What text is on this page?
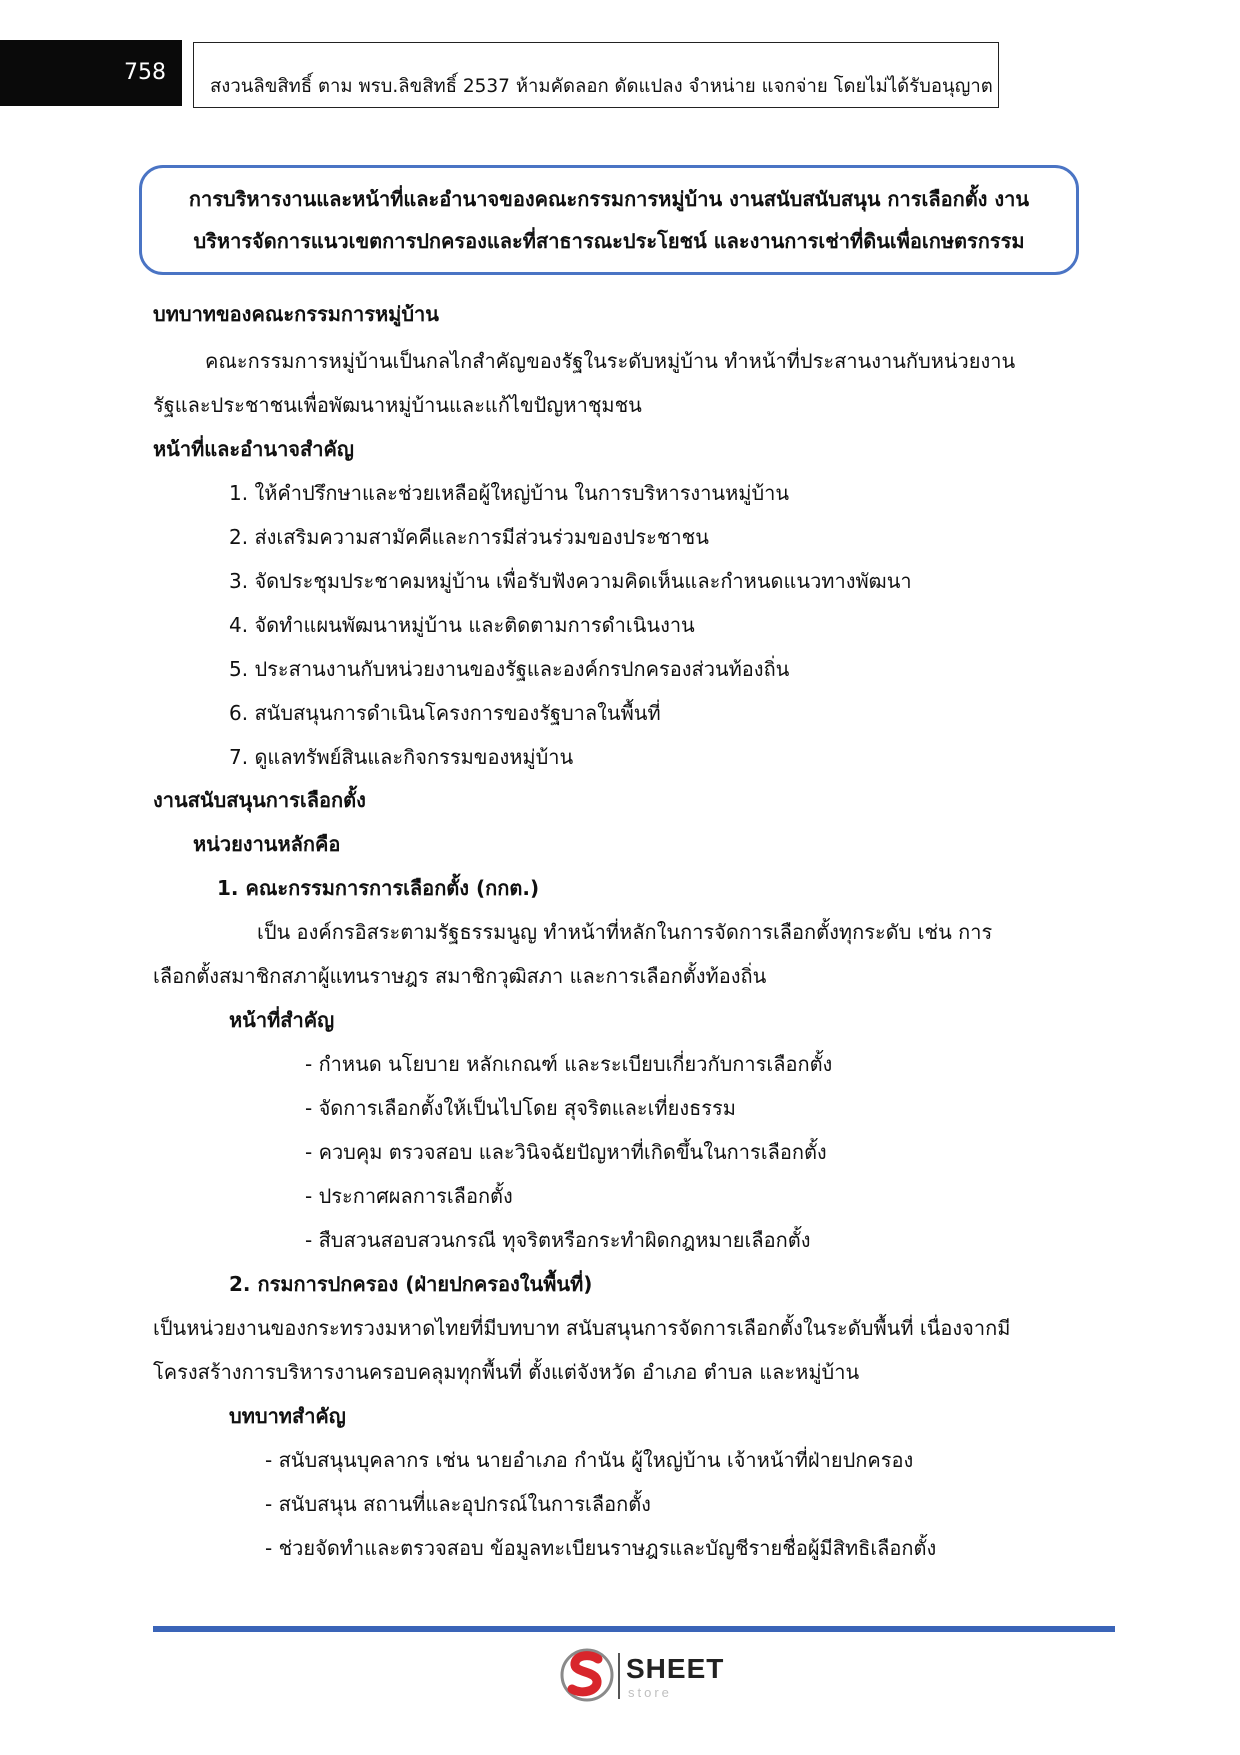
758
สงวนลิขสิทธิ์ ตาม พรบ.ลิขสิทธิ์ 2537 ห้ามคัดลอก ดัดแปลง จำหน่าย แจกจ่าย โดยไม่ได้รับอนุญาต
การบริหารงานและหน้าที่และอำนาจของคณะกรรมการหมู่บ้าน งานสนับสนับสนุน การเลือกตั้ง งาน
บริหารจัดการแนวเขตการปกครองและที่สาธารณะประโยชน์ และงานการเช่าที่ดินเพื่อเกษตรกรรม
บทบาทของคณะกรรมการหมู่บ้าน
คณะกรรมการหมู่บ้านเป็นกลไกสำคัญของรัฐในระดับหมู่บ้าน ทำหน้าที่ประสานงานกับหน่วยงาน
รัฐและประชาชนเพื่อพัฒนาหมู่บ้านและแก้ไขปัญหาชุมชน
หน้าที่และอำนาจสำคัญ
1. ให้คำปรึกษาและช่วยเหลือผู้ใหญ่บ้าน ในการบริหารงานหมู่บ้าน
2. ส่งเสริมความสามัคคีและการมีส่วนร่วมของประชาชน
3. จัดประชุมประชาคมหมู่บ้าน เพื่อรับฟังความคิดเห็นและกำหนดแนวทางพัฒนา
4. จัดทำแผนพัฒนาหมู่บ้าน และติดตามการดำเนินงาน
5. ประสานงานกับหน่วยงานของรัฐและองค์กรปกครองส่วนท้องถิ่น
6. สนับสนุนการดำเนินโครงการของรัฐบาลในพื้นที่
7. ดูแลทรัพย์สินและกิจกรรมของหมู่บ้าน
งานสนับสนุนการเลือกตั้ง
หน่วยงานหลักคือ
1. คณะกรรมการการเลือกตั้ง (กกต.)
เป็น องค์กรอิสระตามรัฐธรรมนูญ ทำหน้าที่หลักในการจัดการเลือกตั้งทุกระดับ เช่น การ
เลือกตั้งสมาชิกสภาผู้แทนราษฎร สมาชิกวุฒิสภา และการเลือกตั้งท้องถิ่น
หน้าที่สำคัญ
- กำหนด นโยบาย หลักเกณฑ์ และระเบียบเกี่ยวกับการเลือกตั้ง
- จัดการเลือกตั้งให้เป็นไปโดย สุจริตและเที่ยงธรรม
- ควบคุม ตรวจสอบ และวินิจฉัยปัญหาที่เกิดขึ้นในการเลือกตั้ง
- ประกาศผลการเลือกตั้ง
- สืบสวนสอบสวนกรณี ทุจริตหรือกระทำผิดกฎหมายเลือกตั้ง
2. กรมการปกครอง (ฝ่ายปกครองในพื้นที่)
เป็นหน่วยงานของกระทรวงมหาดไทยที่มีบทบาท สนับสนุนการจัดการเลือกตั้งในระดับพื้นที่ เนื่องจากมี
โครงสร้างการบริหารงานครอบคลุมทุกพื้นที่ ตั้งแต่จังหวัด อำเภอ ตำบล และหมู่บ้าน
บทบาทสำคัญ
- สนับสนุนบุคลากร เช่น นายอำเภอ กำนัน ผู้ใหญ่บ้าน เจ้าหน้าที่ฝ่ายปกครอง
- สนับสนุน สถานที่และอุปกรณ์ในการเลือกตั้ง
- ช่วยจัดทำและตรวจสอบ ข้อมูลทะเบียนราษฎรและบัญชีรายชื่อผู้มีสิทธิเลือกตั้ง
SHEET
store
